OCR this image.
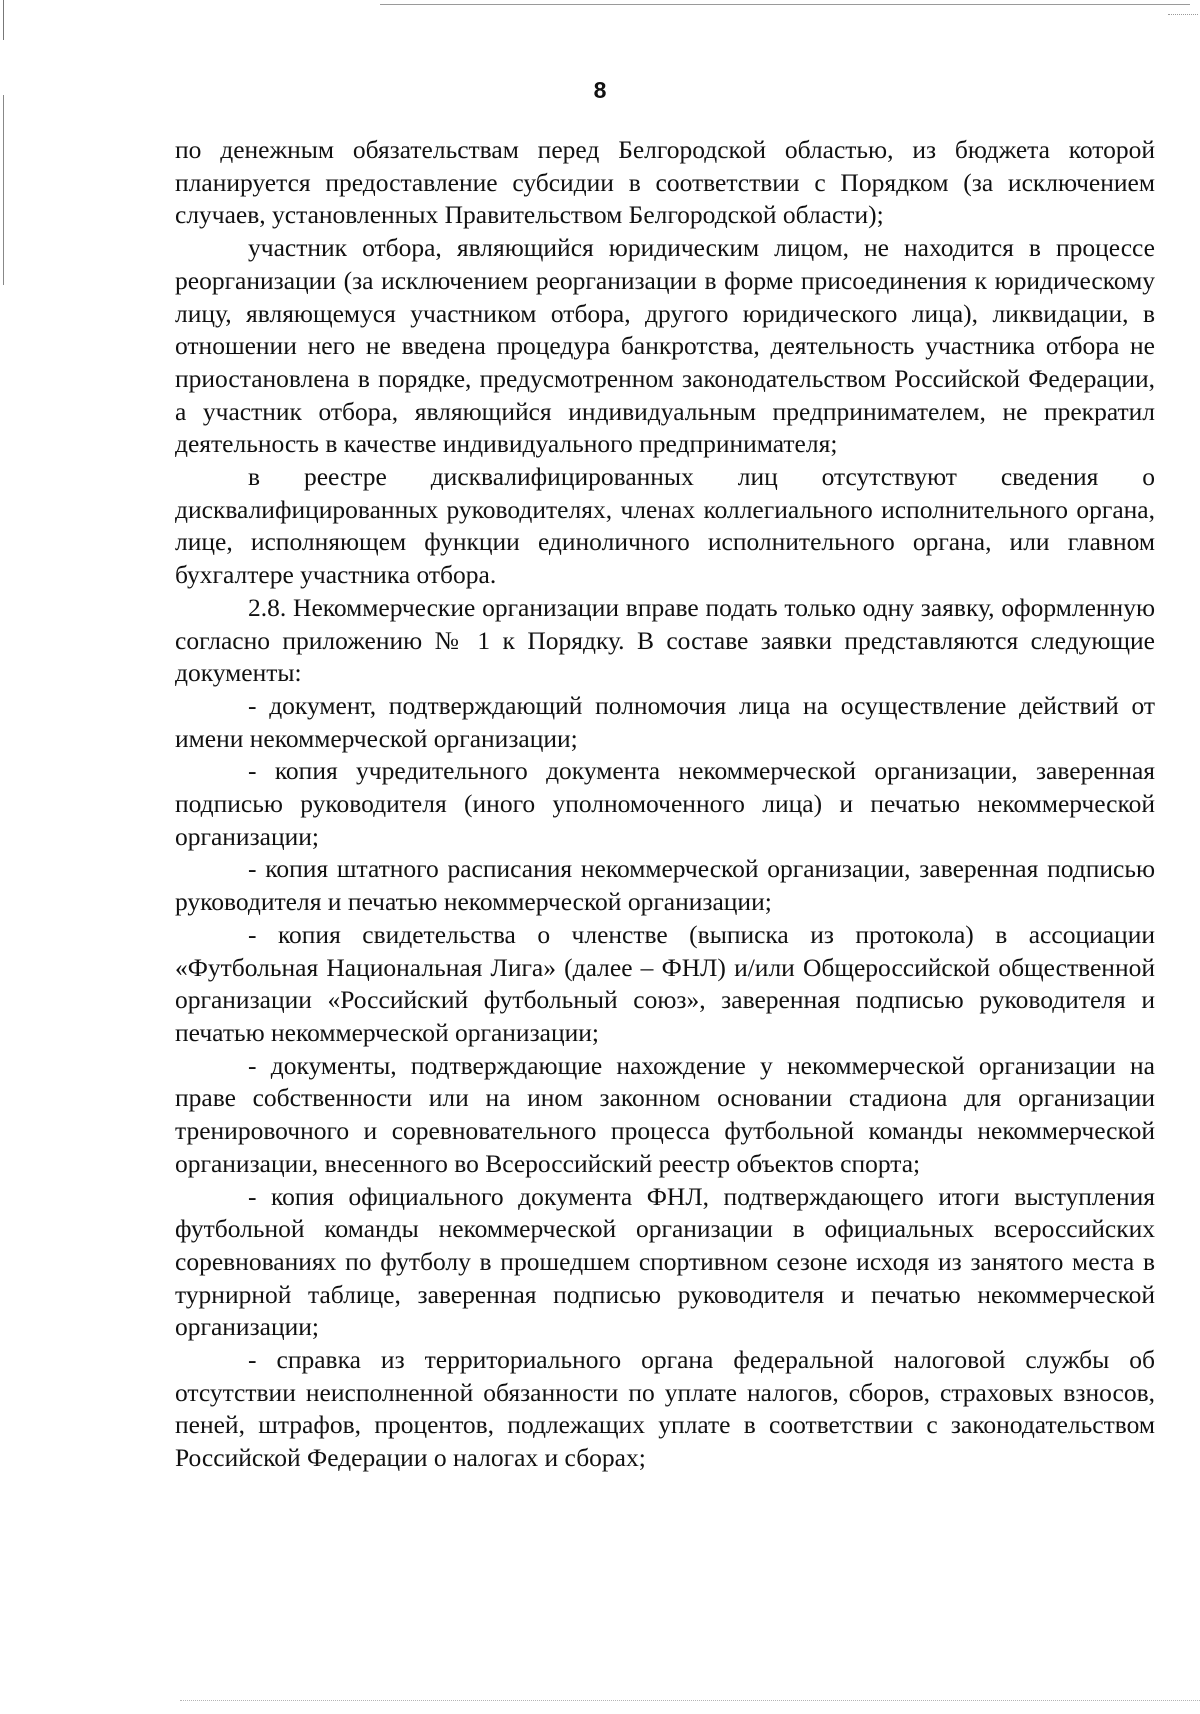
8

по денежным обязательствам перед Белгородской областью, из бюджета которой планируется предоставление субсидии в соответствии с Порядком (за исключением случаев, установленных Правительством Белгородской области);

участник отбора, являющийся юридическим лицом, не находится в процессе реорганизации (за исключением реорганизации в форме присоединения к юридическому лицу, являющемуся участником отбора, другого юридического лица), ликвидации, в отношении него не введена процедура банкротства, деятельность участника отбора не приостановлена в порядке, предусмотренном законодательством Российской Федерации, а участник отбора, являющийся индивидуальным предпринимателем, не прекратил деятельность в качестве индивидуального предпринимателя;

в реестре дисквалифицированных лиц отсутствуют сведения о дисквалифицированных руководителях, членах коллегиального исполнительного органа, лице, исполняющем функции единоличного исполнительного органа, или главном бухгалтере участника отбора.

2.8. Некоммерческие организации вправе подать только одну заявку, оформленную согласно приложению № 1 к Порядку. В составе заявки представляются следующие документы:

- документ, подтверждающий полномочия лица на осуществление действий от имени некоммерческой организации;

- копия учредительного документа некоммерческой организации, заверенная подписью руководителя (иного уполномоченного лица) и печатью некоммерческой организации;

- копия штатного расписания некоммерческой организации, заверенная подписью руководителя и печатью некоммерческой организации;

- копия свидетельства о членстве (выписка из протокола) в ассоциации «Футбольная Национальная Лига» (далее – ФНЛ) и/или Общероссийской общественной организации «Российский футбольный союз», заверенная подписью руководителя и печатью некоммерческой организации;

- документы, подтверждающие нахождение у некоммерческой организации на праве собственности или на ином законном основании стадиона для организации тренировочного и соревновательного процесса футбольной команды некоммерческой организации, внесенного во Всероссийский реестр объектов спорта;

- копия официального документа ФНЛ, подтверждающего итоги выступления футбольной команды некоммерческой организации в официальных всероссийских соревнованиях по футболу в прошедшем спортивном сезоне исходя из занятого места в турнирной таблице, заверенная подписью руководителя и печатью некоммерческой организации;

- справка из территориального органа федеральной налоговой службы об отсутствии неисполненной обязанности по уплате налогов, сборов, страховых взносов, пеней, штрафов, процентов, подлежащих уплате в соответствии с законодательством Российской Федерации о налогах и сборах;
